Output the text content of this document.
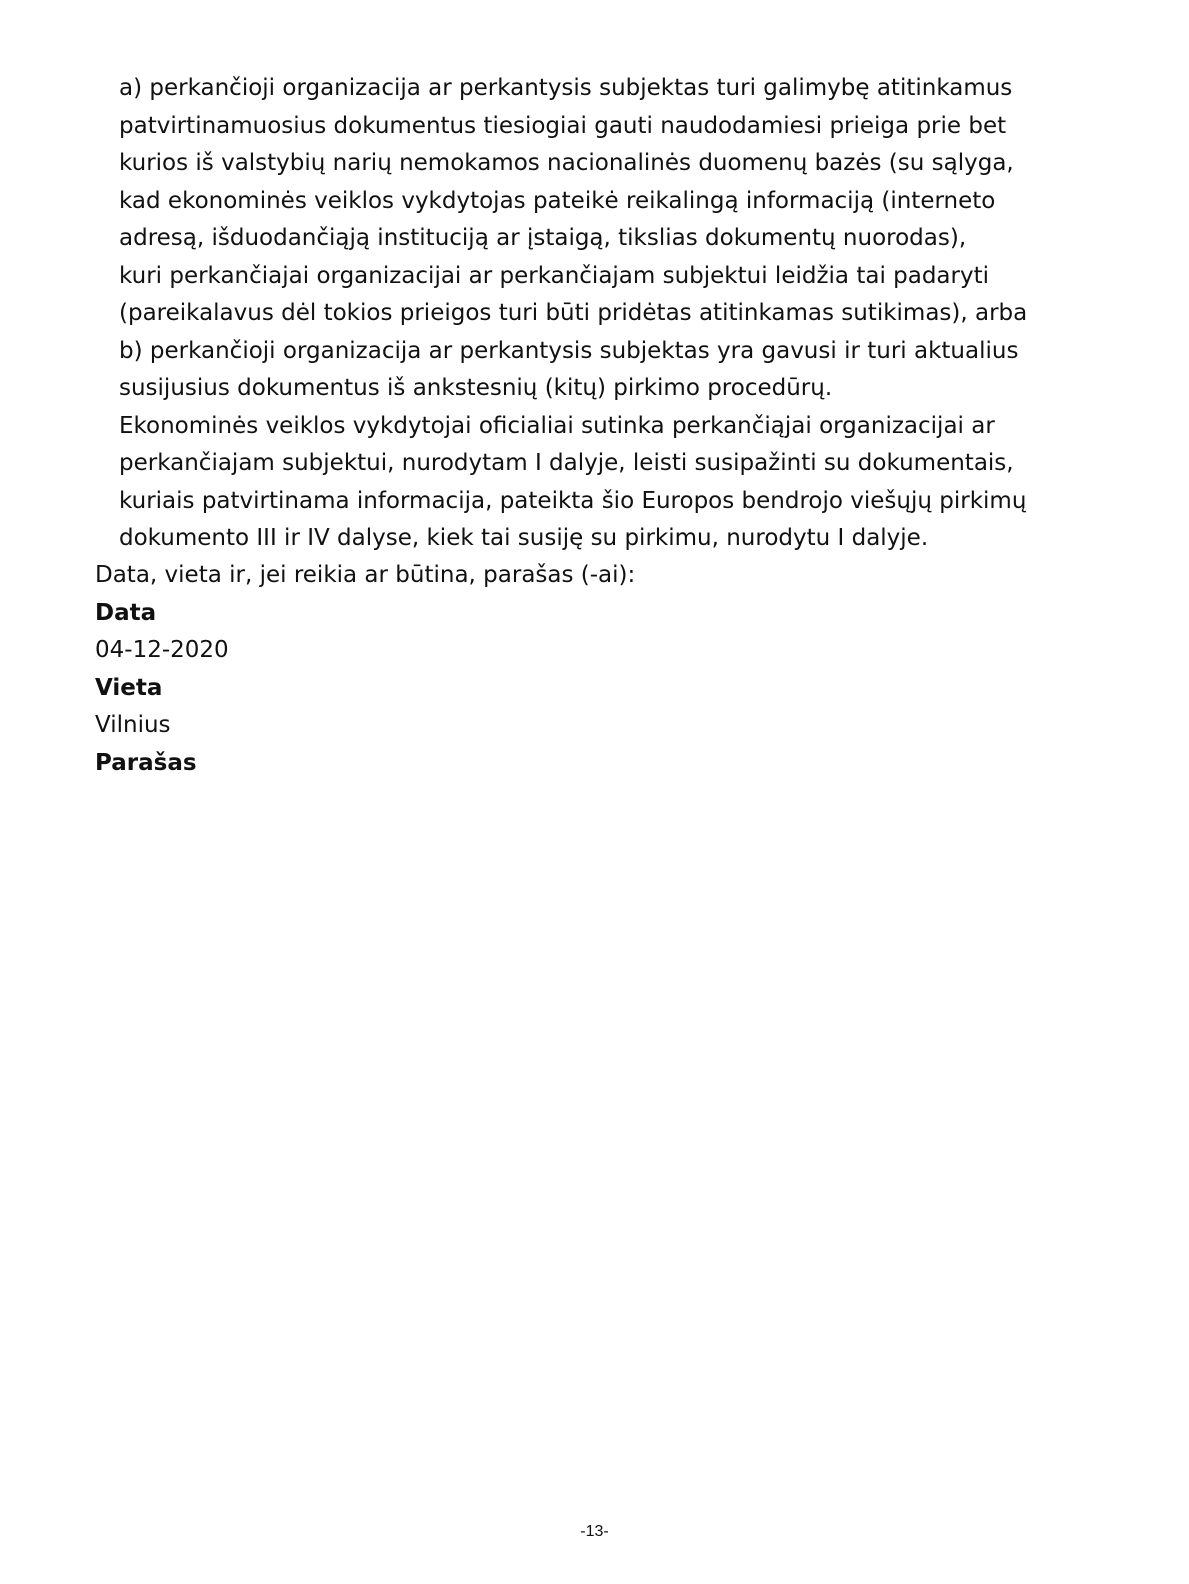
a) perkančioji organizacija ar perkantysis subjektas turi galimybę atitinkamus
patvirtinamuosius dokumentus tiesiogiai gauti naudodamiesi prieiga prie bet
kurios iš valstybių narių nemokamos nacionalinės duomenų bazės (su sąlyga,
kad ekonominės veiklos vykdytojas pateikė reikalingą informaciją (interneto
adresą, išduodančiąją instituciją ar įstaigą, tikslias dokumentų nuorodas),
kuri perkančiajai organizacijai ar perkančiajam subjektui leidžia tai padaryti
(pareikalavus dėl tokios prieigos turi būti pridėtas atitinkamas sutikimas), arba
b) perkančioji organizacija ar perkantysis subjektas yra gavusi ir turi aktualius
susijusius dokumentus iš ankstesnių (kitų) pirkimo procedūrų.
Ekonominės veiklos vykdytojai oficialiai sutinka perkančiąjai organizacijai ar
perkančiajam subjektui, nurodytam I dalyje, leisti susipažinti su dokumentais,
kuriais patvirtinama informacija, pateikta šio Europos bendrojo viešųjų pirkimų
dokumento III ir IV dalyse, kiek tai susiję su pirkimu, nurodytu I dalyje.
Data, vieta ir, jei reikia ar būtina, parašas (-ai):
Data
04-12-2020
Vieta
Vilnius
Parašas
-13-
